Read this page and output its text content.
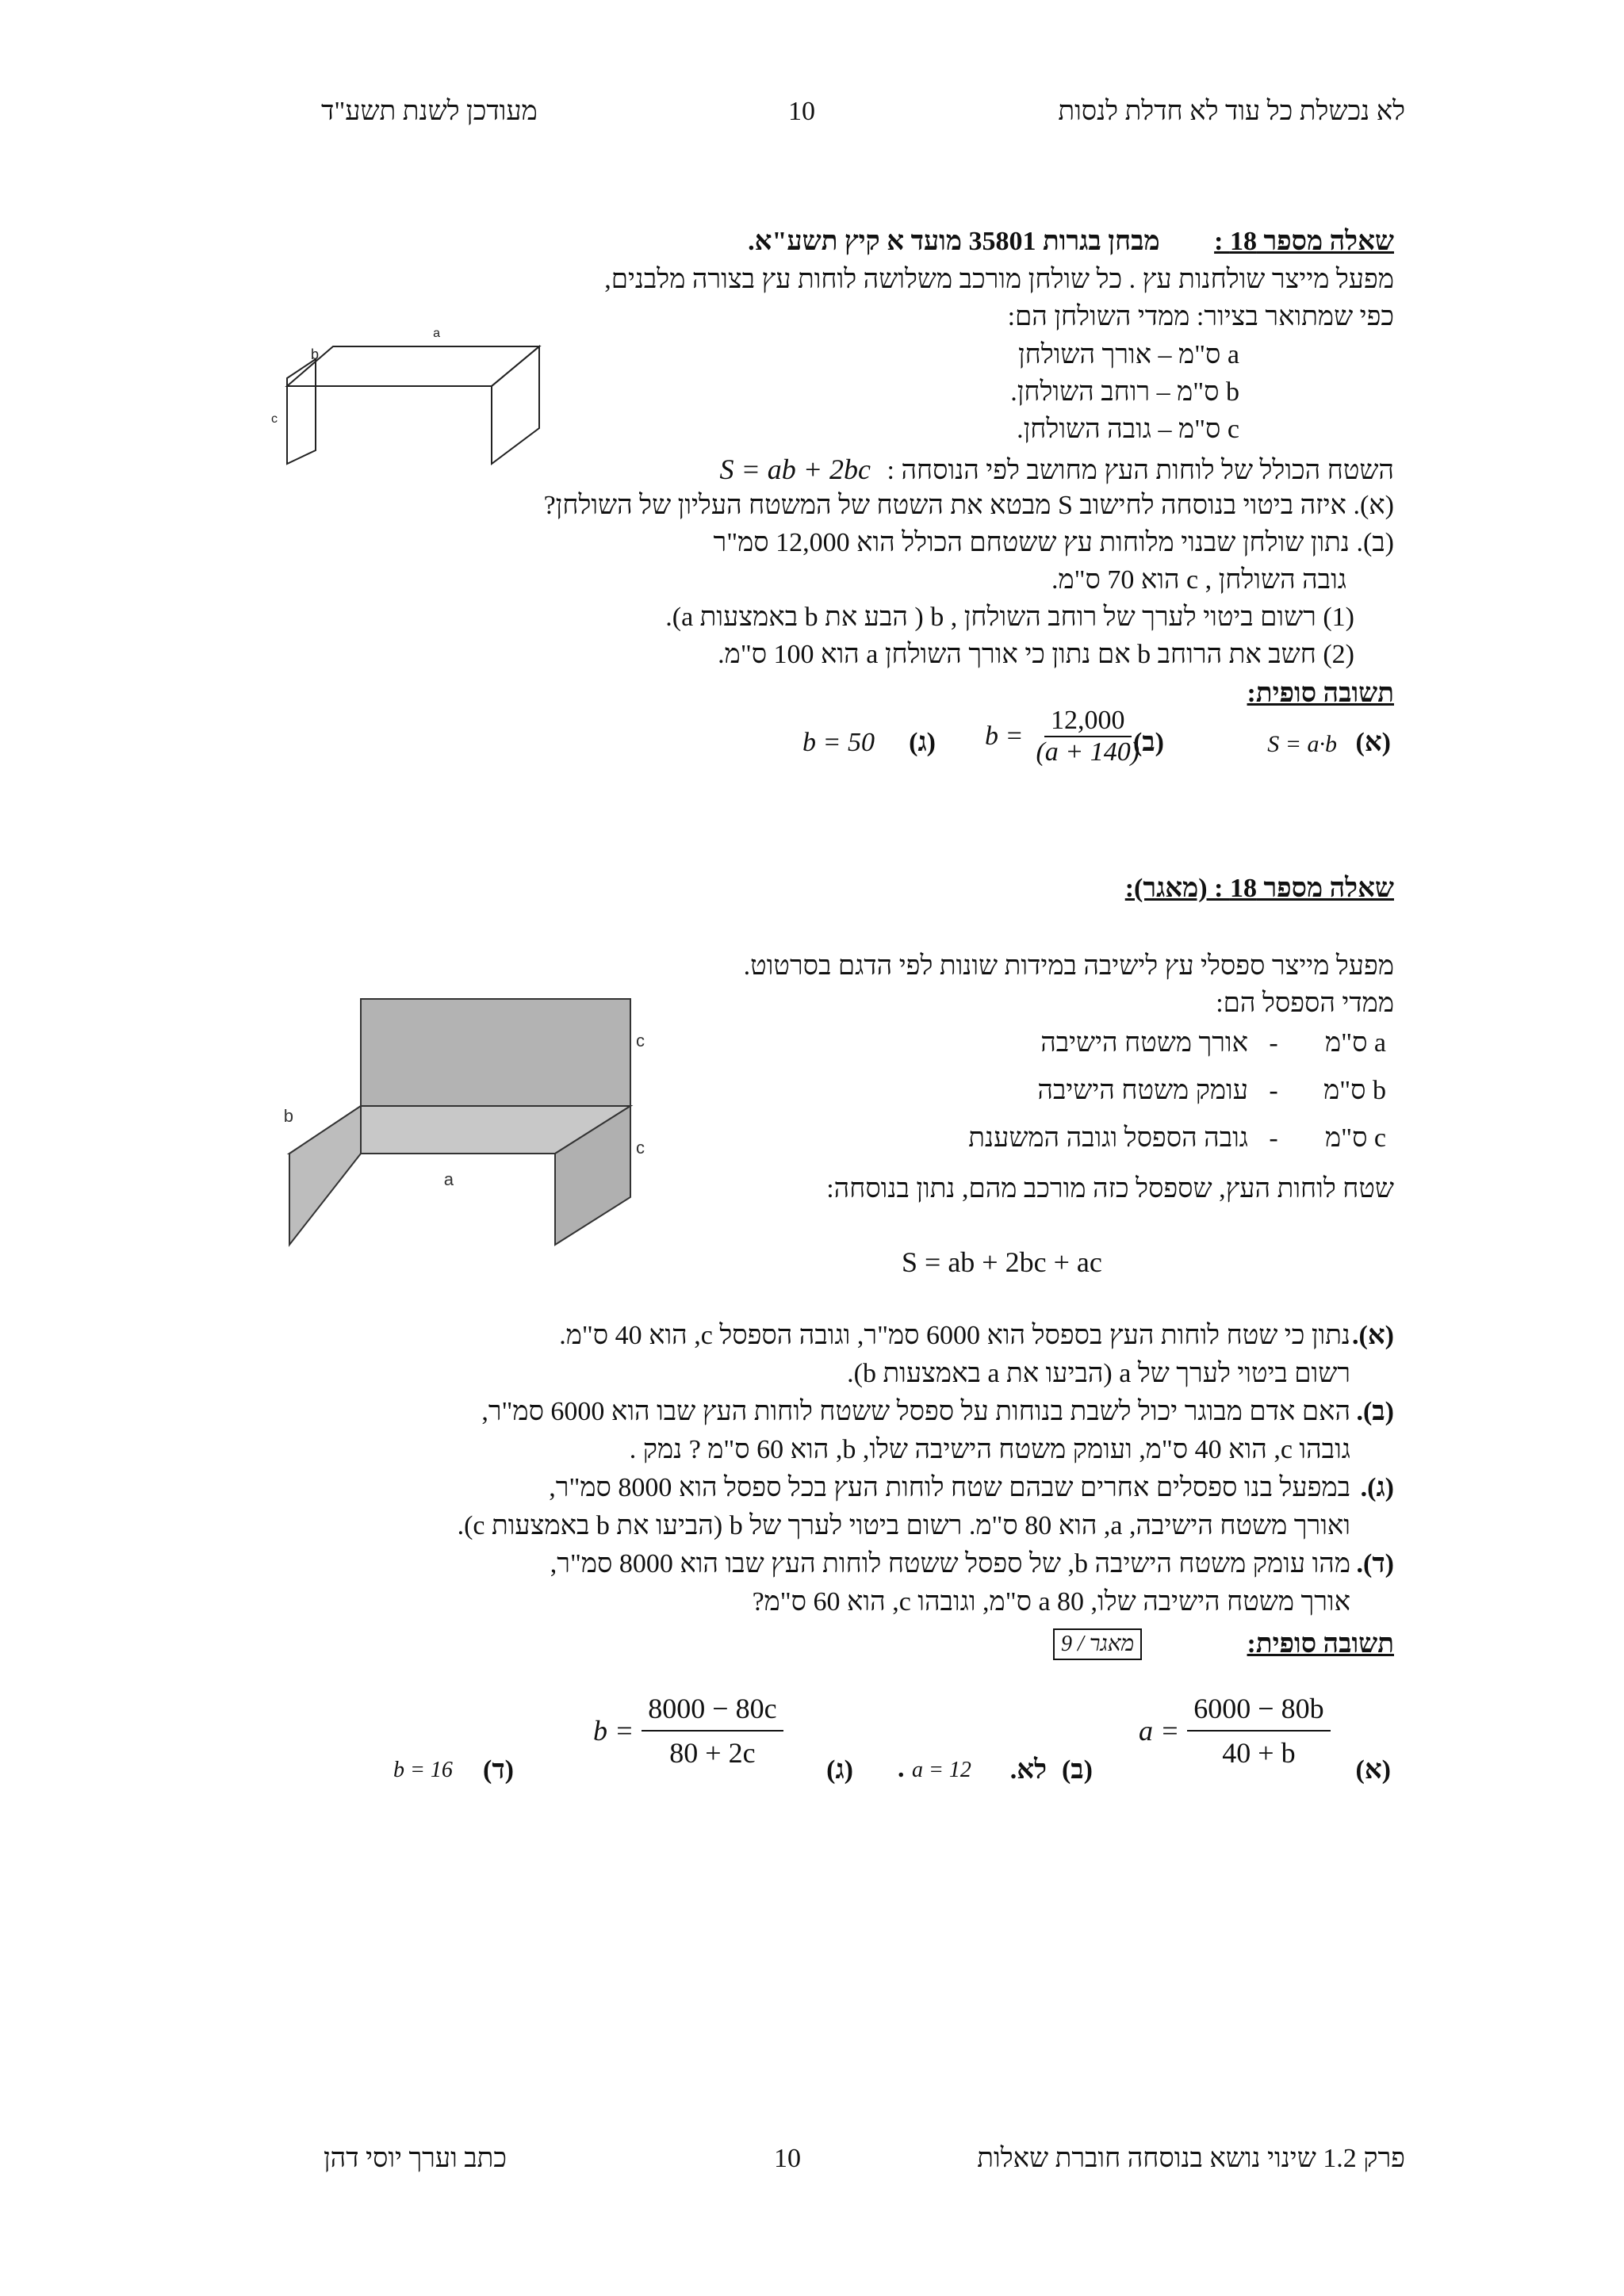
לא נכשלת כל עוד לא חדלת לנסות
10
מעודכן לשנת תשע"ד
שאלה מספר 18 : מבחן בגרות 35801 מועד א קיץ תשע"א.
מפעל מייצר שולחנות עץ . כל שולחן מורכב משלושה לוחות עץ בצורה מלבנים,
כפי שמתואר בציור: ממדי השולחן הם:
a ס"מ – אורך השולחן
b ס"מ – רוחב השולחן.
c ס"מ – גובה השולחן.
השטח הכולל של לוחות העץ מחושב לפי הנוסחה : S = ab + 2bc
(א). איזה ביטוי בנוסחה לחישוב S מבטא את השטח של המשטח העליון של השולחן?
(ב). נתון שולחן שבנוי מלוחות עץ ששטחם הכולל הוא 12,000 סמ"ר
גובה השולחן , c הוא 70 ס"מ.
(1) רשום ביטוי לערך של רוחב השולחן , b ( הבע את b באמצעות a).
(2) חשב את הרוחב b אם נתון כי אורך השולחן a הוא 100 ס"מ.
תשובה סופית:
(א)
S = a·b
(ב)
$b = \frac{12,000}{(a + 140)}$
(ג)
b = 50
a
b
c
שאלה מספר 18 : (מאגר):
מפעל מייצר ספסלי עץ לישיבה במידות שונות לפי הדגם בסרטוט.
ממדי הספסל הם:
a ס"מ
-
אורך משטח הישיבה
b ס"מ
-
עומק משטח הישיבה
c ס"מ
-
גובה הספסל וגובה המשענת
שטח לוחות העץ, שספסל כזה מורכב מהם, נתון בנוסחה:
S = ab + 2bc + ac
(א).
נתון כי שטח לוחות העץ בספסל הוא 6000 סמ"ר, וגובה הספסל c, הוא 40 ס"מ.
רשום ביטוי לערך של a (הביעו את a באמצעות b).
(ב).
האם אדם מבוגר יכול לשבת בנוחות על ספסל ששטח לוחות העץ שבו הוא 6000 סמ"ר,
גובהו c, הוא 40 ס"מ, ועומק משטח הישיבה שלו, b, הוא 60 ס"מ ? נמק .
(ג).
במפעל בנו ספסלים אחרים שבהם שטח לוחות העץ בכל ספסל הוא 8000 סמ"ר,
ואורך משטח הישיבה, a, הוא 80 ס"מ. רשום ביטוי לערך של b (הביעו את b באמצעות c).
(ד).
מהו עומק משטח הישיבה b, של ספסל ששטח לוחות העץ שבו הוא 8000 סמ"ר,
אורך משטח הישיבה שלו, a 80 ס"מ, וגובהו c, הוא 60 ס"מ?
תשובה סופית:
מאגר / 9
(א)
$a = \frac{6000 - 80b}{40 + b}$
(ב)
לא.
a = 12
.
(ג)
$b = \frac{8000 - 80c}{80 + 2c}$
(ד)
b = 16
c
c
b
a
פרק 1.2 שינוי נושא בנוסחה חוברת שאלות
10
כתב וערך יוסי דהן
